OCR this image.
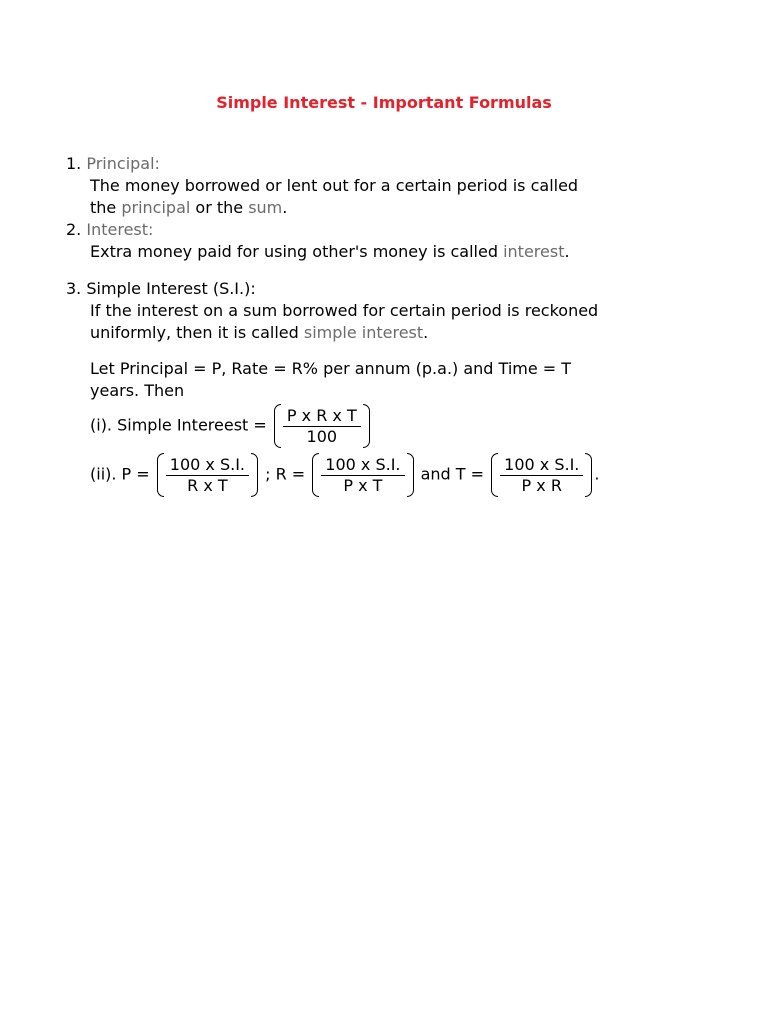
Simple Interest - Important Formulas
1. Principal:
The money borrowed or lent out for a certain period is called
the principal or the sum.
2. Interest:
Extra money paid for using other's money is called interest.
3. Simple Interest (S.I.):
If the interest on a sum borrowed for certain period is reckoned
uniformly, then it is called simple interest.
Let Principal = P, Rate = R% per annum (p.a.) and Time = T
years. Then
(i). Simple Intereest = $\frac{\text{P x R x T}}{100}$
(ii). $P = \frac{\text{100 x S.I.}}{\text{R x T}}$ ; $R = \frac{\text{100 x S.I.}}{\text{P x T}}$ and $T = \frac{\text{100 x S.I.}}{\text{P x R}}$ .
